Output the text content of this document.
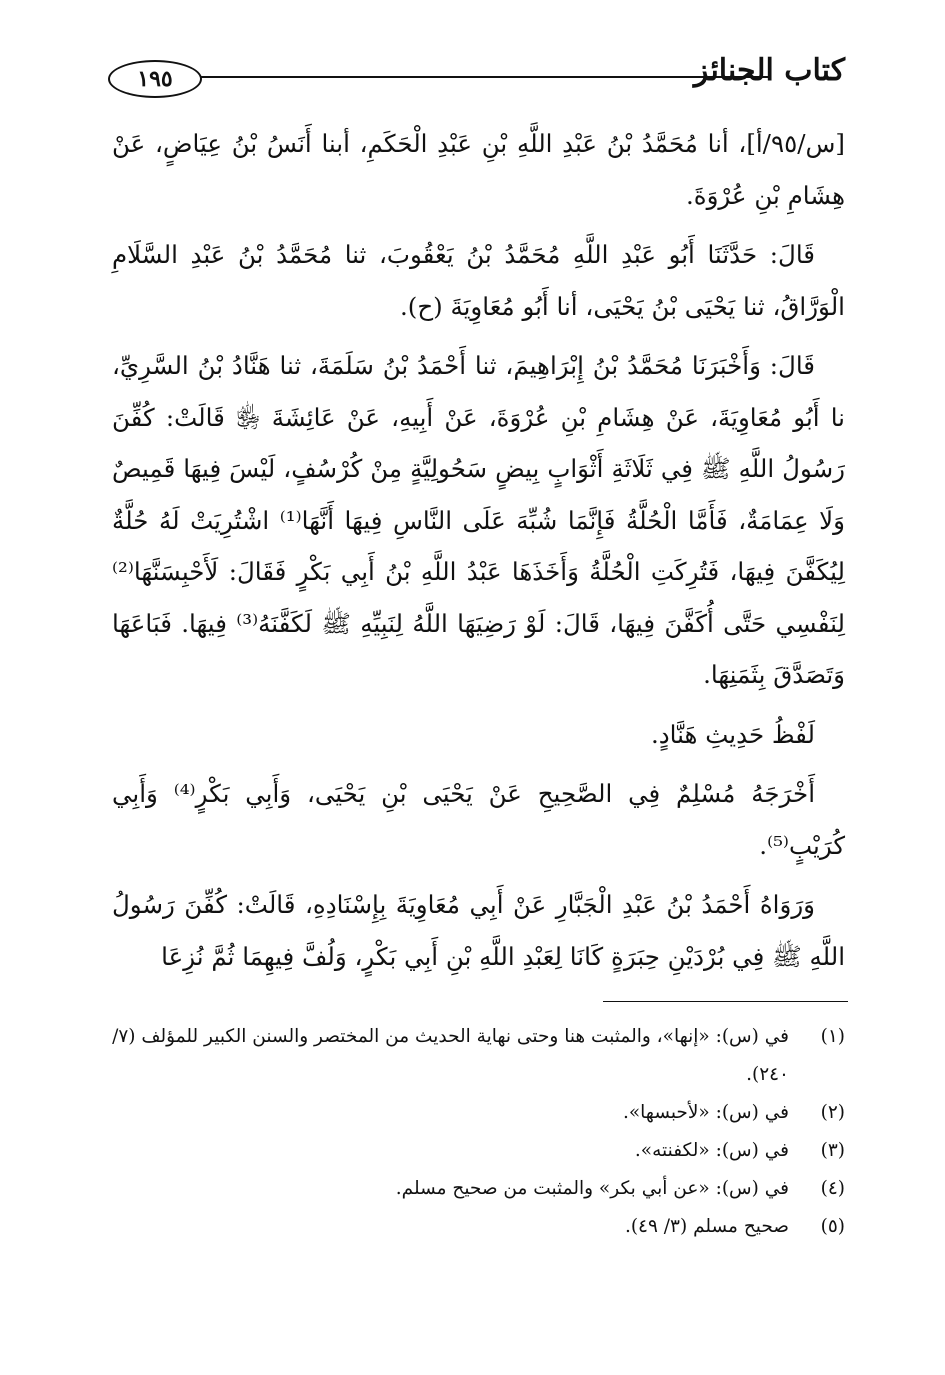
١٩٥	كتاب الجنائز

[س/٩٥/أ]، أنا مُحَمَّدُ بْنُ عَبْدِ اللَّهِ بْنِ عَبْدِ الْحَكَمِ، أبنا أَنَسُ بْنُ عِيَاضٍ، عَنْ هِشَامِ بْنِ عُرْوَةَ.

قَالَ: حَدَّثَنَا أَبُو عَبْدِ اللَّهِ مُحَمَّدُ بْنُ يَعْقُوبَ، ثنا مُحَمَّدُ بْنُ عَبْدِ السَّلَامِ الْوَرَّاقُ، ثنا يَحْيَى بْنُ يَحْيَى، أنا أَبُو مُعَاوِيَةَ (ح).

قَالَ: وَأَخْبَرَنَا مُحَمَّدُ بْنُ إِبْرَاهِيمَ، ثنا أَحْمَدُ بْنُ سَلَمَةَ، ثنا هَنَّادُ بْنُ السَّرِيِّ، نا أَبُو مُعَاوِيَةَ، عَنْ هِشَامِ بْنِ عُرْوَةَ، عَنْ أَبِيهِ، عَنْ عَائِشَةَ ﵂ قَالَتْ: كُفِّنَ رَسُولُ اللَّهِ ﷺ فِي ثَلَاثَةِ أَثْوَابٍ بِيضٍ سَحُولِيَّةٍ مِنْ كُرْسُفٍ، لَيْسَ فِيهَا قَمِيصٌ وَلَا عِمَامَةٌ، فَأَمَّا الْحُلَّةُ فَإِنَّمَا شُبِّهَ عَلَى النَّاسِ فِيهَا أَنَّهَا⁽¹⁾ اشْتُرِيَتْ لَهُ حُلَّةٌ لِيُكَفَّنَ فِيهَا، فَتُرِكَتِ الْحُلَّةُ وَأَخَذَهَا عَبْدُ اللَّهِ بْنُ أَبِي بَكْرٍ فَقَالَ: لَأَحْبِسَنَّهَا⁽²⁾ لِنَفْسِي حَتَّى أُكَفَّنَ فِيهَا، قَالَ: لَوْ رَضِيَهَا اللَّهُ لِنَبِيِّهِ ﷺ لَكَفَّنَهُ⁽³⁾ فِيهَا. فَبَاعَهَا وَتَصَدَّقَ بِثَمَنِهَا.

لَفْظُ حَدِيثِ هَنَّادٍ.

أَخْرَجَهُ مُسْلِمٌ فِي الصَّحِيحِ عَنْ يَحْيَى بْنِ يَحْيَى، وَأَبِي بَكْرٍ⁽⁴⁾ وَأَبِي كُرَيْبٍ⁽⁵⁾.

وَرَوَاهُ أَحْمَدُ بْنُ عَبْدِ الْجَبَّارِ عَنْ أَبِي مُعَاوِيَةَ بِإِسْنَادِهِ، قَالَتْ: كُفِّنَ رَسُولُ اللَّهِ ﷺ فِي بُرْدَيْنِ حِبَرَةٍ كَانَا لِعَبْدِ اللَّهِ بْنِ أَبِي بَكْرٍ، وَلُفَّ فِيهِمَا ثُمَّ نُزِعَا

(١)
في (س): «إنها»، والمثبت هنا وحتى نهاية الحديث من المختصر والسنن الكبير للمؤلف (٧/ ٢٤٠).
(٢)
في (س): «لأحبسها».
(٣)
في (س): «لكفنته».
(٤)
في (س): «عن أبي بكر» والمثبت من صحيح مسلم.
(٥)
صحيح مسلم (٣/ ٤٩).
